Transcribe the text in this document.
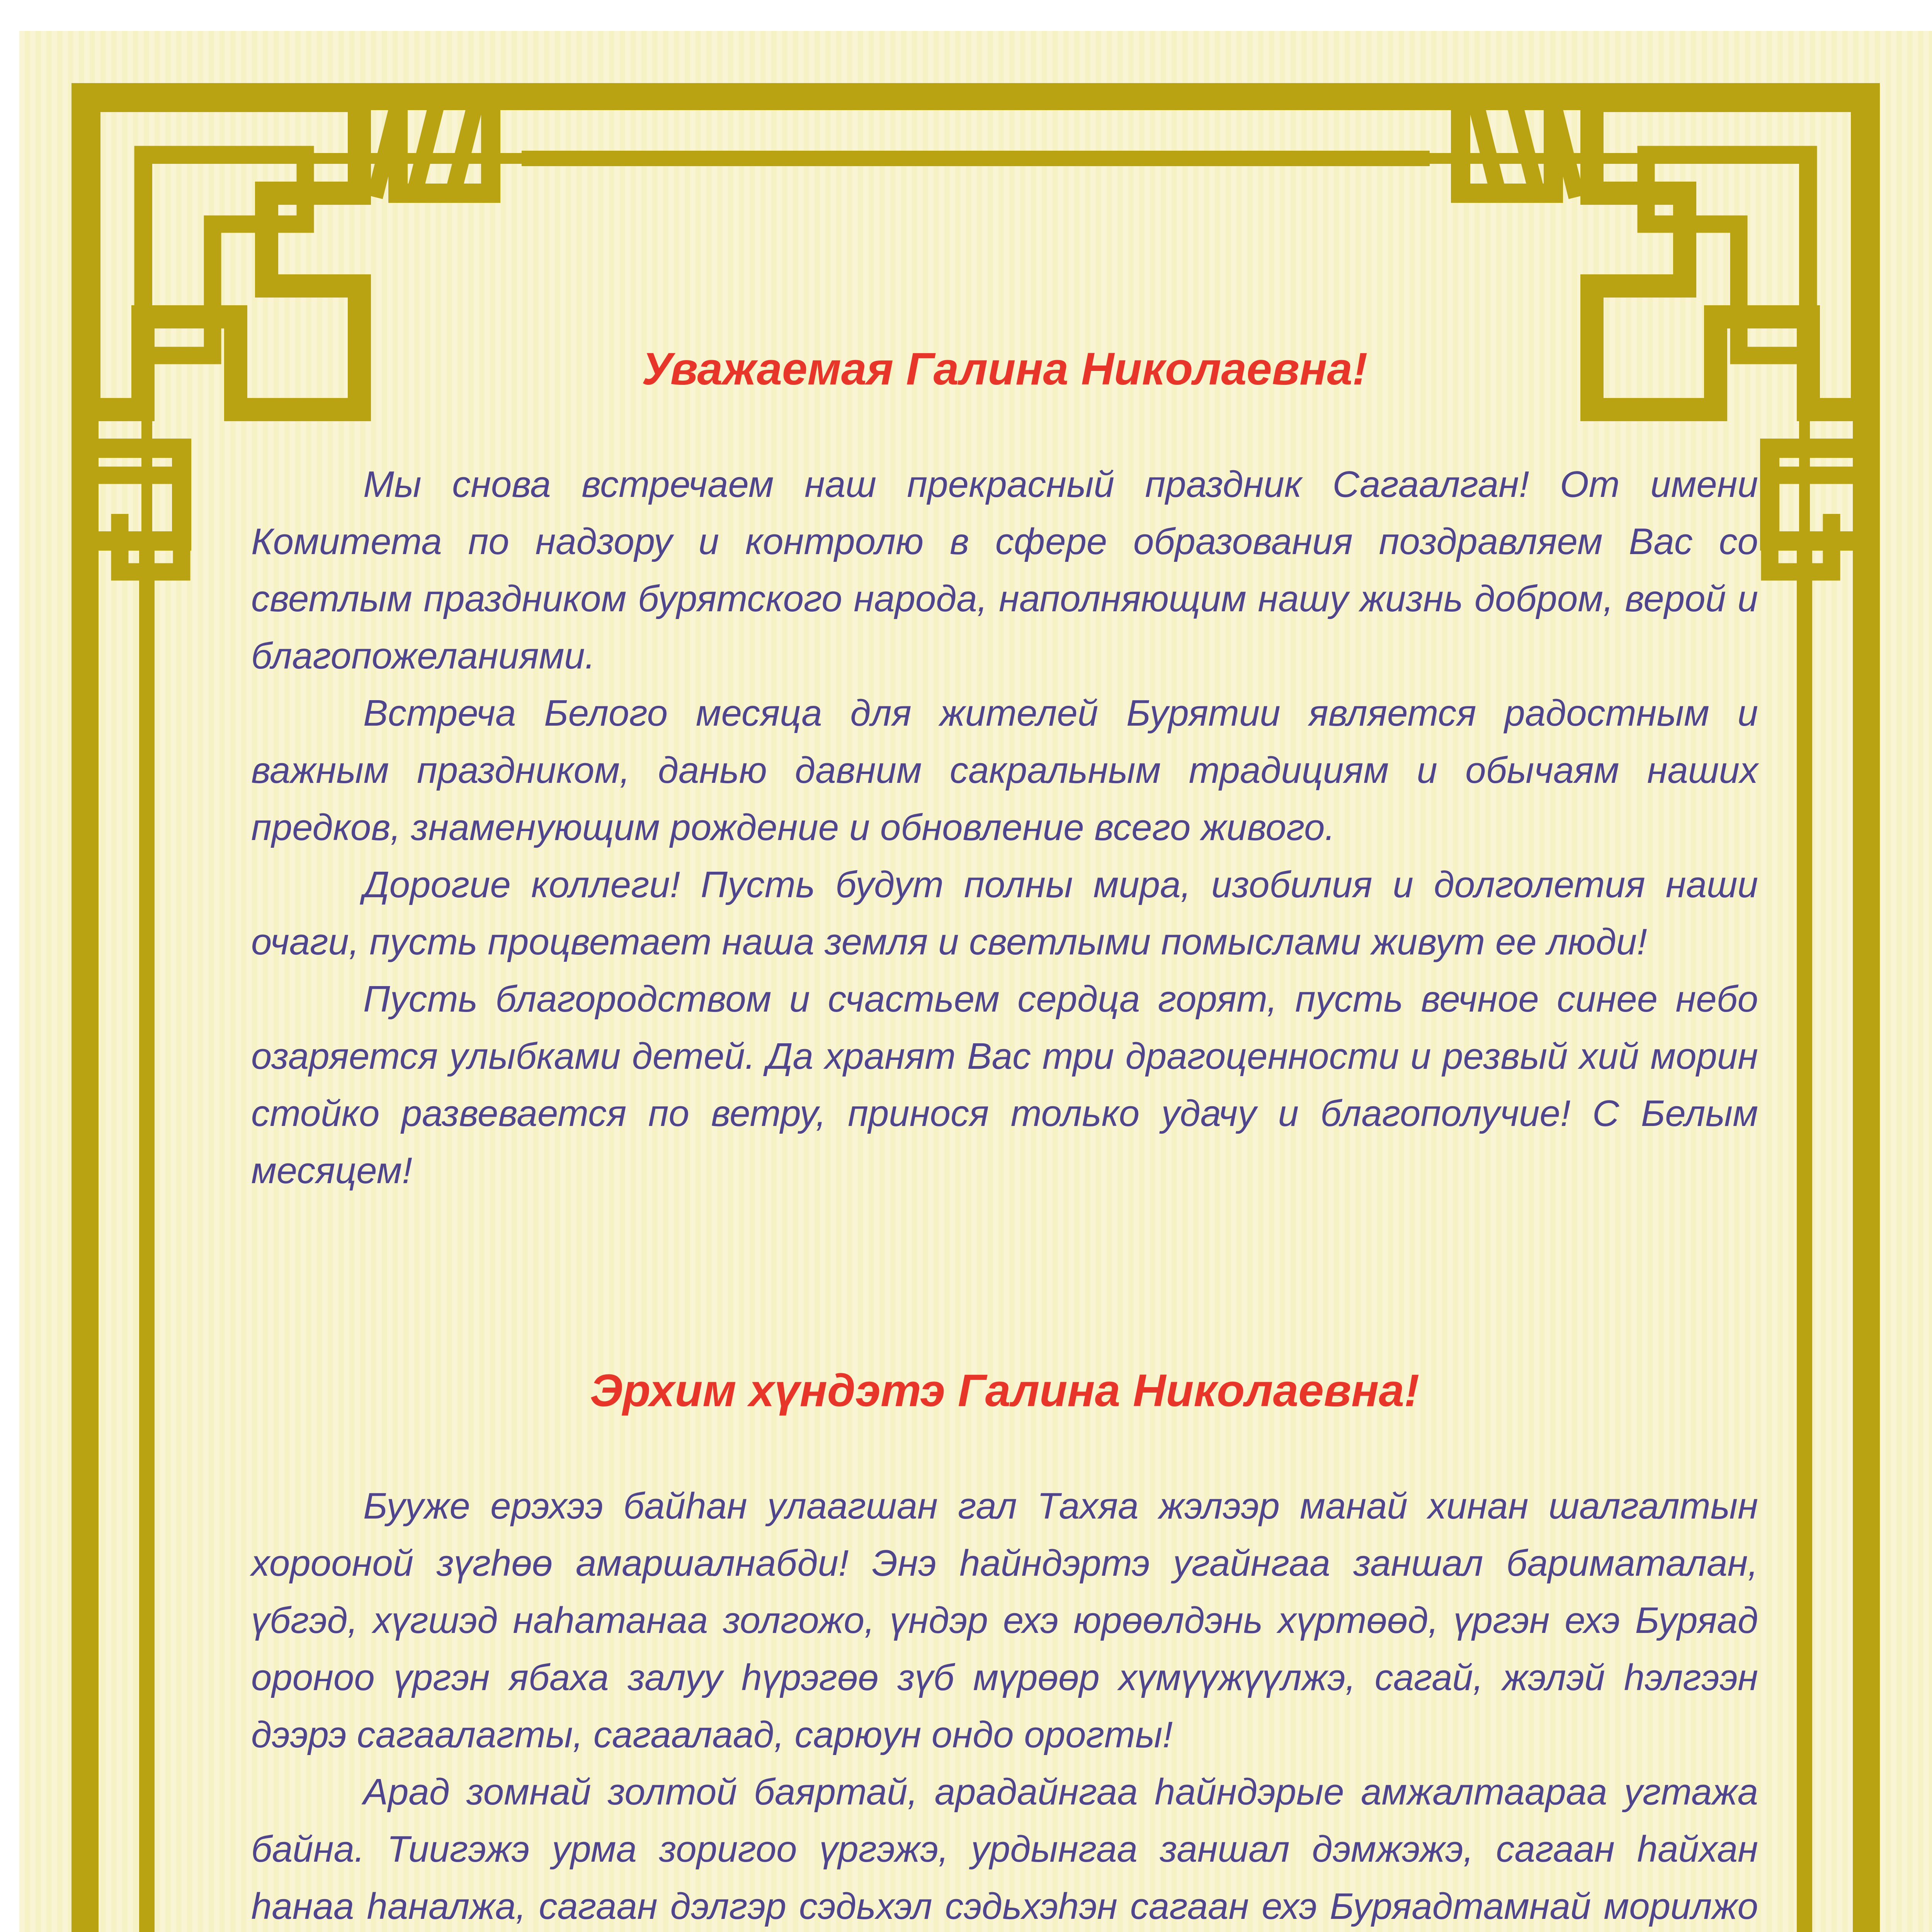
Уважаемая Галина Николаевна!

Мы снова встречаем наш прекрасный праздник Сагаалган! От имени Комитета по надзору и контролю в сфере образования поздравляем Вас со светлым праздником бурятского народа, наполняющим нашу жизнь добром, верой и благопожеланиями.

Встреча Белого месяца для жителей Бурятии является радостным и важным праздником, данью давним сакральным традициям и обычаям наших предков, знаменующим рождение и обновление всего живого.

Дорогие коллеги! Пусть будут полны мира, изобилия и долголетия наши очаги, пусть процветает наша земля и светлыми помыслами живут ее люди!

Пусть благородством и счастьем сердца горят, пусть вечное синее небо озаряется улыбками детей. Да хранят Вас три драгоценности и резвый хий морин стойко развевается по ветру, принося только удачу и благополучие! С Белым месяцем!

Эрхим хүндэтэ Галина Николаевна!

Бууже ерэхээ байhан улаагшан гал Тахяа жэлээр манай хинан шалгалтын хорооной зүгhөө амаршалнабди! Энэ hайндэртэ угайнгаа заншал бариматалан, үбгэд, хүгшэд наhатанаа золгожо, үндэр ехэ юрөөлдэнь хүртөөд, үргэн ехэ Буряад ороноо үргэн ябаха залуу hүрэгөө зүб мүрөөр хүмүүжүүлжэ, сагай, жэлэй hэлгээн дээрэ сагаалагты, сагаалаад, сарюун ондо орогты!

Арад зомнай золтой баяртай, арадайнгаа hайндэрые амжалтаараа угтажа байна. Тиигэжэ урма зоригоо үргэжэ, урдынгаа заншал дэмжэжэ, сагаан hайхан hанаа hаналжа, сагаан дэлгэр сэдьхэл сэдьхэhэн сагаан ехэ Буряадтамнай морилжо
